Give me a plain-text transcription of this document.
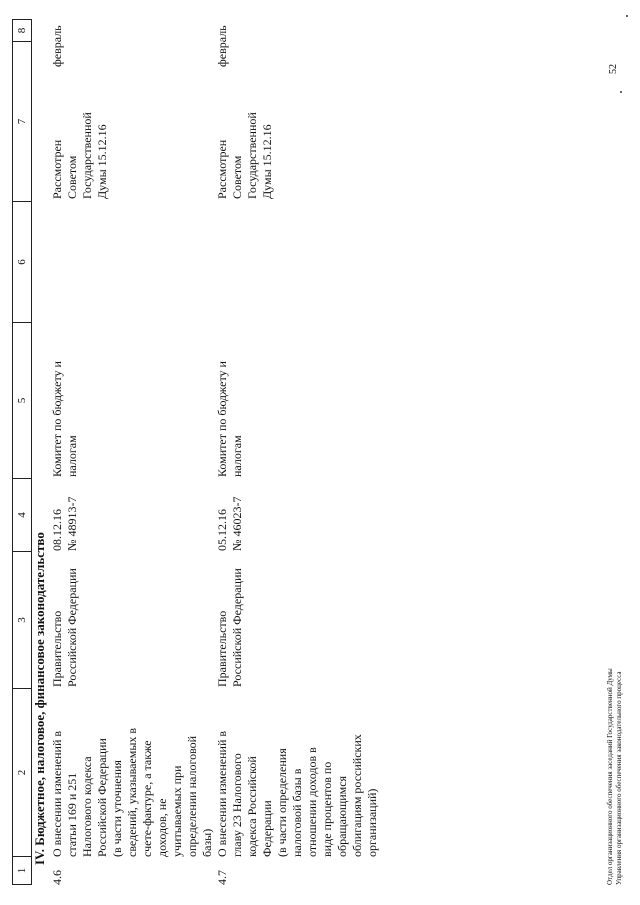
1
2
3
4
5
6
7
8
IV. Бюджетное, налоговое, финансовое законодательство
4.6
О внесении изменений в
статьи 169 и 251
Налогового кодекса
Российской Федерации
(в части уточнения
сведений, указываемых в
счете-фактуре, а также
доходов, не
учитываемых при
определении налоговой
базы)
Правительство
Российской Федерации
08.12.16
№ 48913-7
Комитет по бюджету и
налогам
Рассмотрен
Советом
Государственной
Думы 15.12.16
февраль
4.7
О внесении изменений в
главу 23 Налогового
кодекса Российской
Федерации
(в части определения
налоговой базы в
отношении доходов в
виде процентов по
обращающимся
облигациям российских
организаций)
Правительство
Российской Федерации
05.12.16
№ 46023-7
Комитет по бюджету и
налогам
Рассмотрен
Советом
Государственной
Думы 15.12.16
февраль
Отдел организационного обеспечения заседаний Государственной Думы Управления организационного обеспечения законодательного процесса
52
